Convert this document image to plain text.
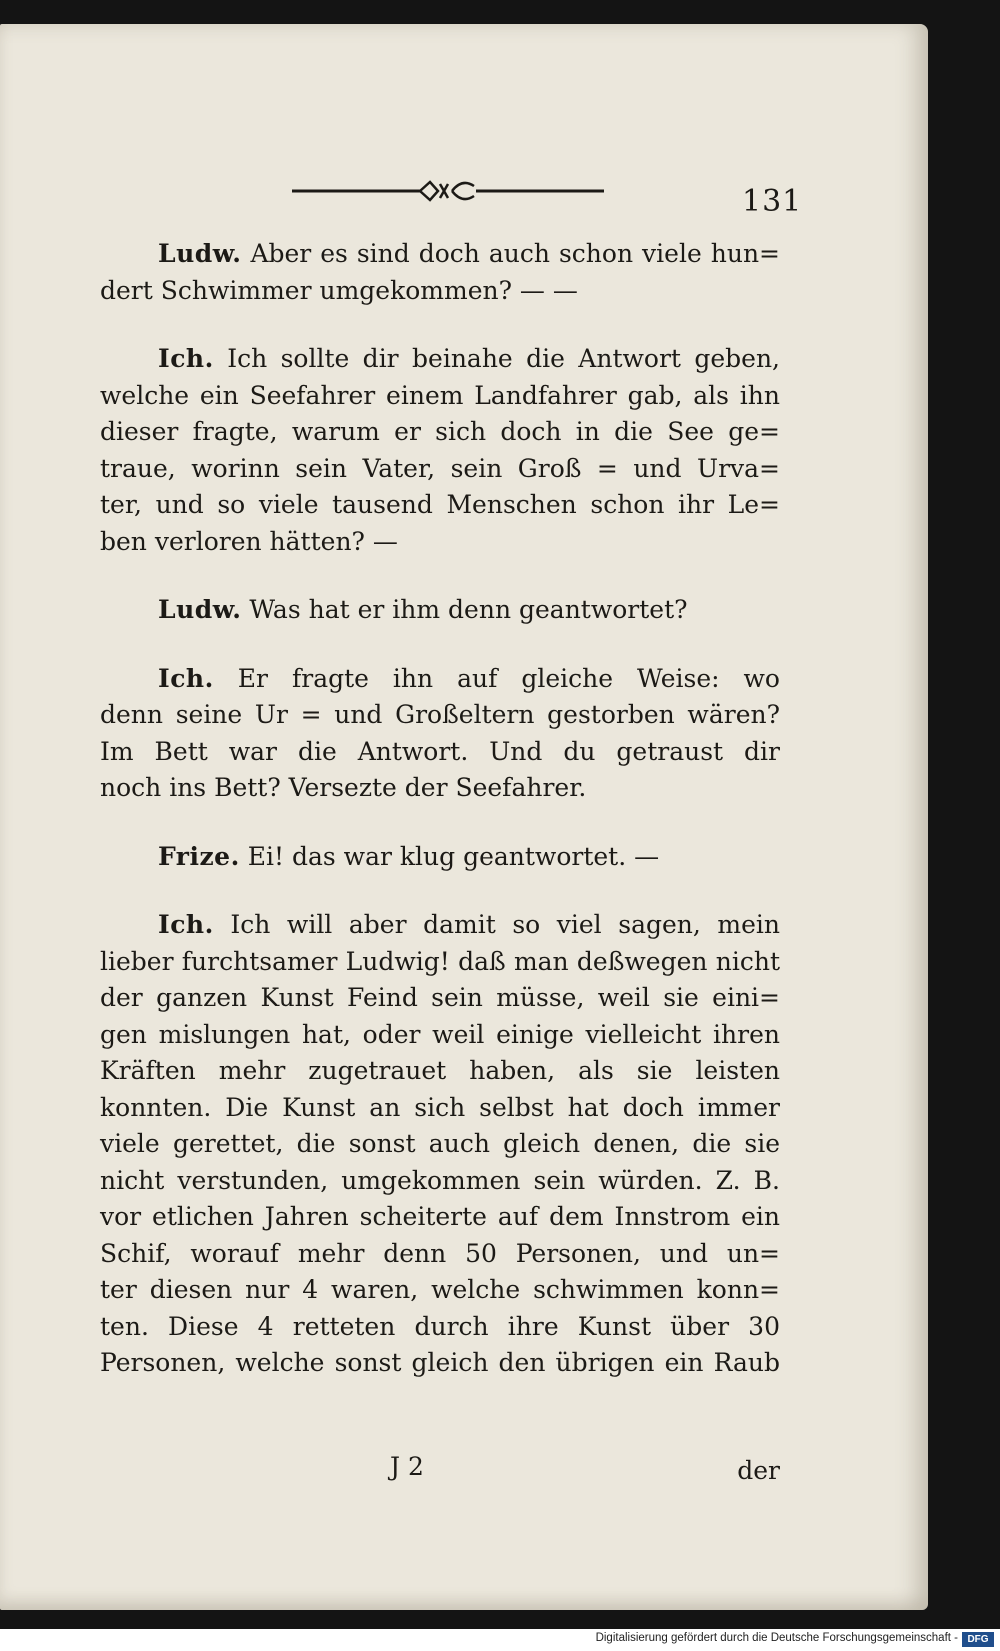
131
Ludw. Aber es sind doch auch schon viele hun=
dert Schwimmer umgekommen? — —
Ich. Ich sollte dir beinahe die Antwort geben,
welche ein Seefahrer einem Landfahrer gab, als ihn
dieser fragte, warum er sich doch in die See ge=
traue, worinn sein Vater, sein Groß = und Urva=
ter, und so viele tausend Menschen schon ihr Le=
ben verloren hätten? —
Ludw. Was hat er ihm denn geantwortet?
Ich. Er fragte ihn auf gleiche Weise: wo
denn seine Ur = und Großeltern gestorben wären?
Im Bett war die Antwort. Und du getraust dir
noch ins Bett? Versezte der Seefahrer.
Frize. Ei! das war klug geantwortet. —
Ich. Ich will aber damit so viel sagen, mein
lieber furchtsamer Ludwig! daß man deßwegen nicht
der ganzen Kunst Feind sein müsse, weil sie eini=
gen mislungen hat, oder weil einige vielleicht ihren
Kräften mehr zugetrauet haben, als sie leisten
konnten. Die Kunst an sich selbst hat doch immer
viele gerettet, die sonst auch gleich denen, die sie
nicht verstunden, umgekommen sein würden. Z. B.
vor etlichen Jahren scheiterte auf dem Innstrom ein
Schif, worauf mehr denn 50 Personen, und un=
ter diesen nur 4 waren, welche schwimmen konn=
ten. Diese 4 retteten durch ihre Kunst über 30
Personen, welche sonst gleich den übrigen ein Raub
J 2	der
Digitalisierung gefördert durch die Deutsche Forschungsgemeinschaft - DFG
